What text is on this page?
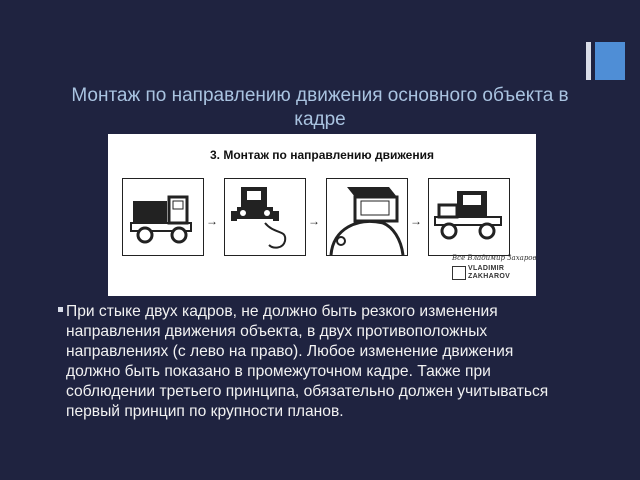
Монтаж по направлению движения основного объекта в кадре
3. Монтаж по направлению движения
→	→	→
Все Владимир Захаров
VLADIMIR
ZAKHAROV

При стыке двух кадров, не должно быть резкого изменения направления движения объекта, в двух противоположных направлениях (с лево на право). Любое изменение движения должно быть показано в промежуточном кадре. Также при соблюдении третьего принципа, обязательно должен учитываться первый принцип по крупности планов.
